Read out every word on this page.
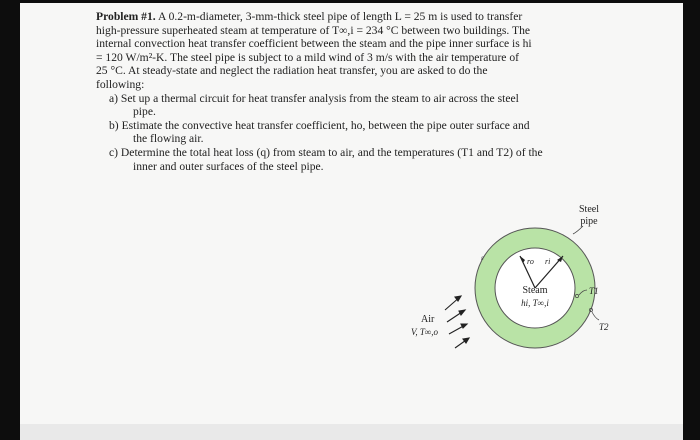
Problem #1. A 0.2-m-diameter, 3-mm-thick steel pipe of length L = 25 m is used to transfer
high-pressure superheated steam at temperature of T∞,i = 234 °C between two buildings. The
internal convection heat transfer coefficient between the steam and the pipe inner surface is hi
= 120 W/m²-K. The steel pipe is subject to a mild wind of 3 m/s with the air temperature of
25 °C. At steady-state and neglect the radiation heat transfer, you are asked to do the
following:
a) Set up a thermal circuit for heat transfer analysis from the steam to air across the steel
pipe.
b) Estimate the convective heat transfer coefficient, ho, between the pipe outer surface and
the flowing air.
c) Determine the total heat loss (q) from steam to air, and the temperatures (T1 and T2) of the
inner and outer surfaces of the steel pipe.
ro ri
Steam
hi, T∞,i
Steel
pipe
T1
T2
ε
Air
V, T∞,o
